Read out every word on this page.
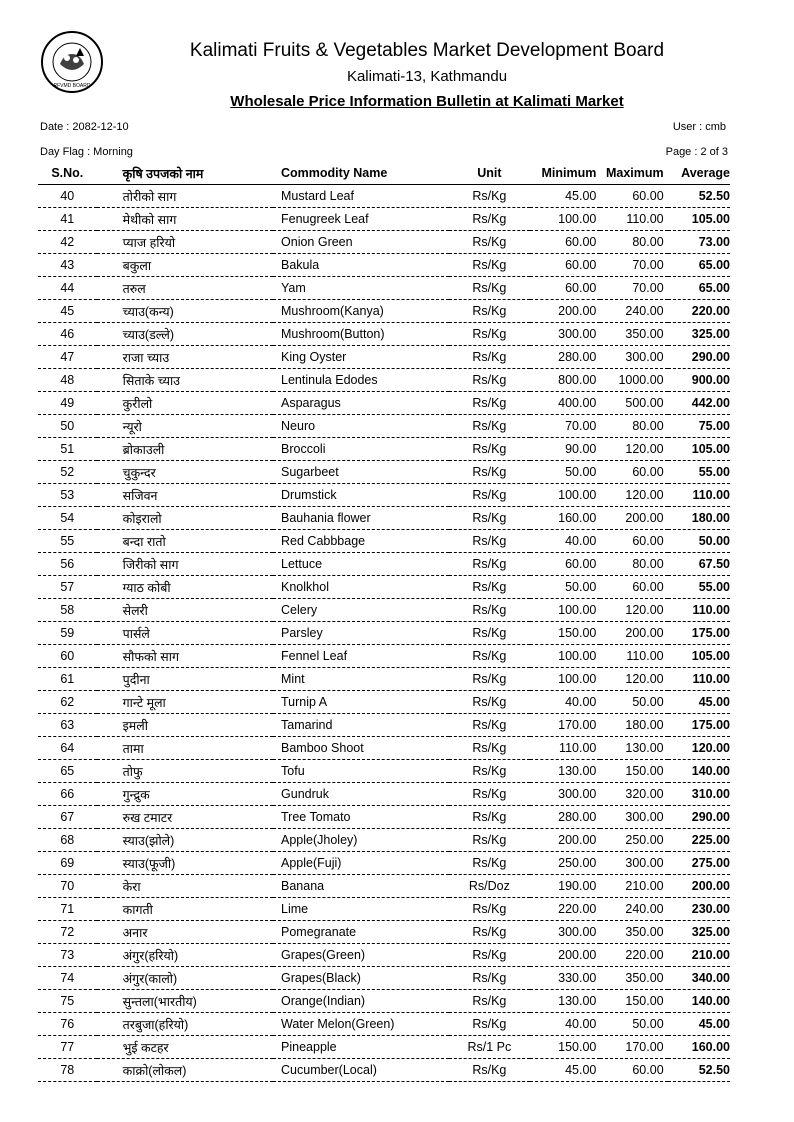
RFVMD BOARD
Kalimati Fruits & Vegetables Market Development Board
Kalimati-13, Kathmandu
Wholesale Price Information Bulletin at Kalimati Market
Date : 2082-12-10	User : cmb
Day Flag : Morning	Page : 2 of 3
S.No.	कृषि उपजको नाम	Commodity Name	Unit	Minimum	Maximum	Average
40	तोरीको साग	Mustard Leaf	Rs/Kg	45.00	60.00	52.50
41	मेथीको साग	Fenugreek Leaf	Rs/Kg	100.00	110.00	105.00
42	प्याज हरियो	Onion Green	Rs/Kg	60.00	80.00	73.00
43	बकुला	Bakula	Rs/Kg	60.00	70.00	65.00
44	तरुल	Yam	Rs/Kg	60.00	70.00	65.00
45	च्याउ(कन्य)	Mushroom(Kanya)	Rs/Kg	200.00	240.00	220.00
46	च्याउ(डल्ले)	Mushroom(Button)	Rs/Kg	300.00	350.00	325.00
47	राजा च्याउ	King Oyster	Rs/Kg	280.00	300.00	290.00
48	सिताके च्याउ	Lentinula Edodes	Rs/Kg	800.00	1000.00	900.00
49	कुरीलो	Asparagus	Rs/Kg	400.00	500.00	442.00
50	न्यूरो	Neuro	Rs/Kg	70.00	80.00	75.00
51	ब्रोकाउली	Broccoli	Rs/Kg	90.00	120.00	105.00
52	चुकुन्दर	Sugarbeet	Rs/Kg	50.00	60.00	55.00
53	सजिवन	Drumstick	Rs/Kg	100.00	120.00	110.00
54	कोइरालो	Bauhania flower	Rs/Kg	160.00	200.00	180.00
55	बन्दा रातो	Red Cabbbage	Rs/Kg	40.00	60.00	50.00
56	जिरीको साग	Lettuce	Rs/Kg	60.00	80.00	67.50
57	ग्याठ कोबी	Knolkhol	Rs/Kg	50.00	60.00	55.00
58	सेलरी	Celery	Rs/Kg	100.00	120.00	110.00
59	पार्सले	Parsley	Rs/Kg	150.00	200.00	175.00
60	सौफको साग	Fennel Leaf	Rs/Kg	100.00	110.00	105.00
61	पुदीना	Mint	Rs/Kg	100.00	120.00	110.00
62	गान्टे मूला	Turnip A	Rs/Kg	40.00	50.00	45.00
63	इमली	Tamarind	Rs/Kg	170.00	180.00	175.00
64	तामा	Bamboo Shoot	Rs/Kg	110.00	130.00	120.00
65	तोफु	Tofu	Rs/Kg	130.00	150.00	140.00
66	गुन्द्रुक	Gundruk	Rs/Kg	300.00	320.00	310.00
67	रुख टमाटर	Tree Tomato	Rs/Kg	280.00	300.00	290.00
68	स्याउ(झोले)	Apple(Jholey)	Rs/Kg	200.00	250.00	225.00
69	स्याउ(फूजी)	Apple(Fuji)	Rs/Kg	250.00	300.00	275.00
70	केरा	Banana	Rs/Doz	190.00	210.00	200.00
71	कागती	Lime	Rs/Kg	220.00	240.00	230.00
72	अनार	Pomegranate	Rs/Kg	300.00	350.00	325.00
73	अंगुर(हरियो)	Grapes(Green)	Rs/Kg	200.00	220.00	210.00
74	अंगुर(कालो)	Grapes(Black)	Rs/Kg	330.00	350.00	340.00
75	सुन्तला(भारतीय)	Orange(Indian)	Rs/Kg	130.00	150.00	140.00
76	तरबुजा(हरियो)	Water Melon(Green)	Rs/Kg	40.00	50.00	45.00
77	भुई कटहर	Pineapple	Rs/1 Pc	150.00	170.00	160.00
78	काक्रो(लोकल)	Cucumber(Local)	Rs/Kg	45.00	60.00	52.50
